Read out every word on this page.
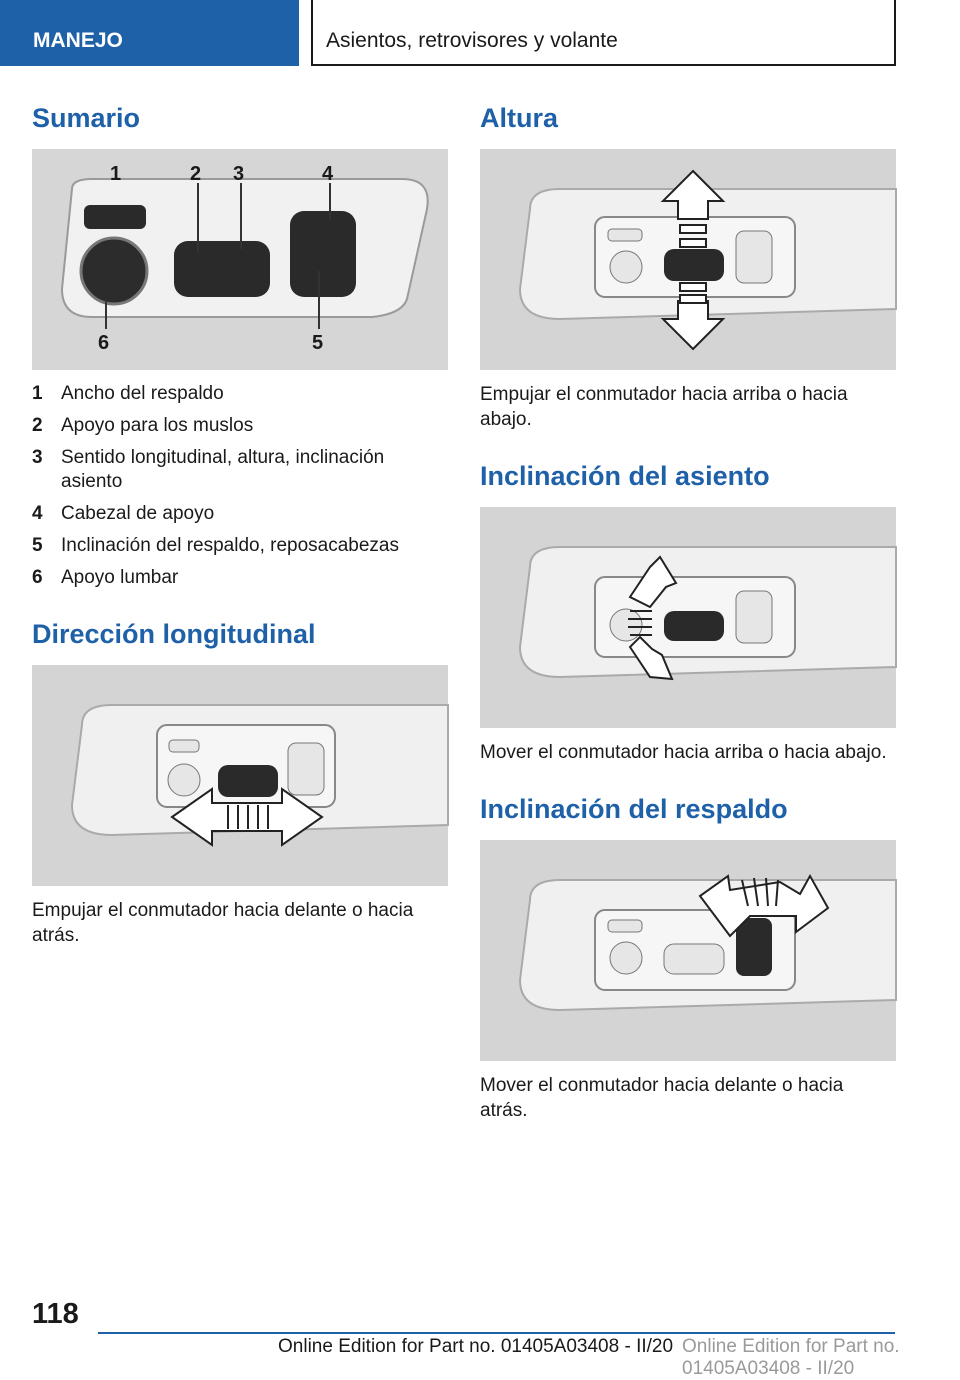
MANEJO	Asientos, retrovisores y volante
Sumario
1	2 3	4
5
6
1 Ancho del respaldo
2 Apoyo para los muslos
3 Sentido longitudinal, altura, inclinación asiento
4 Cabezal de apoyo
5 Inclinación del respaldo, reposacabezas
6 Apoyo lumbar
Dirección longitudinal

Empujar el conmutador hacia delante o hacia atrás.

Altura

Empujar el conmutador hacia arriba o hacia abajo.

Inclinación del asiento

Mover el conmutador hacia arriba o hacia abajo.

Inclinación del respaldo

Mover el conmutador hacia delante o hacia atrás.

118
Online Edition for Part no. 01405A03408 - II/20 Online Edition for Part no. 01405A03408 - II/20
